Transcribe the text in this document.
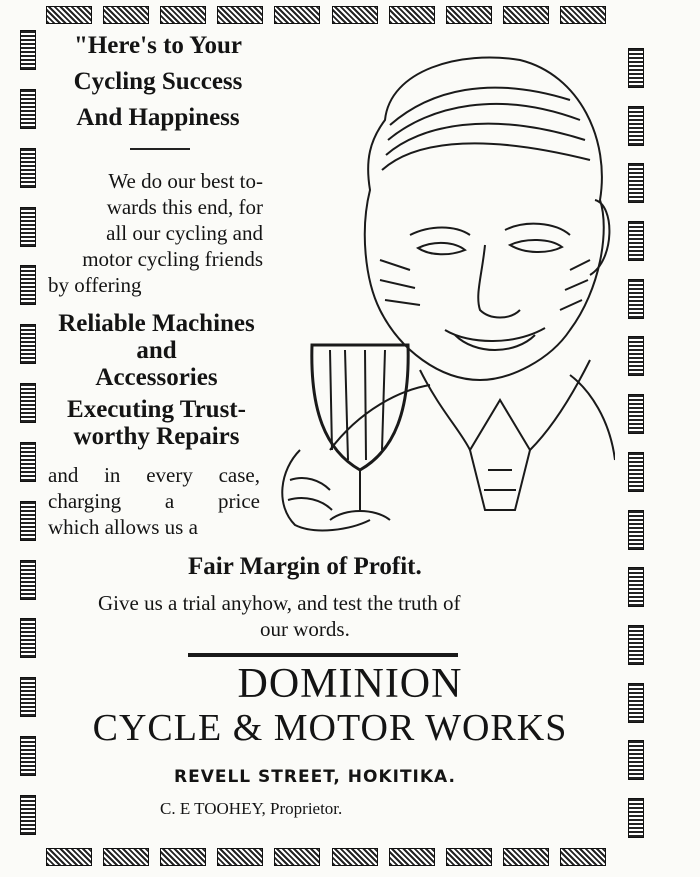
"Here's to Your
Cycling Success
And Happiness
We do our best to-
wards this end, for
all our cycling and
motor cycling friends
by offering
Reliable Machines
and
Accessories
Executing Trust-
worthy Repairs
and in every case,
charging a price
which allows us a
Fair Margin of Profit.
Give us a trial anyhow, and test the truth of
our words.
DOMINION
CYCLE & MOTOR WORKS
REVELL STREET, HOKITIKA.
C. E TOOHEY, Proprietor.
